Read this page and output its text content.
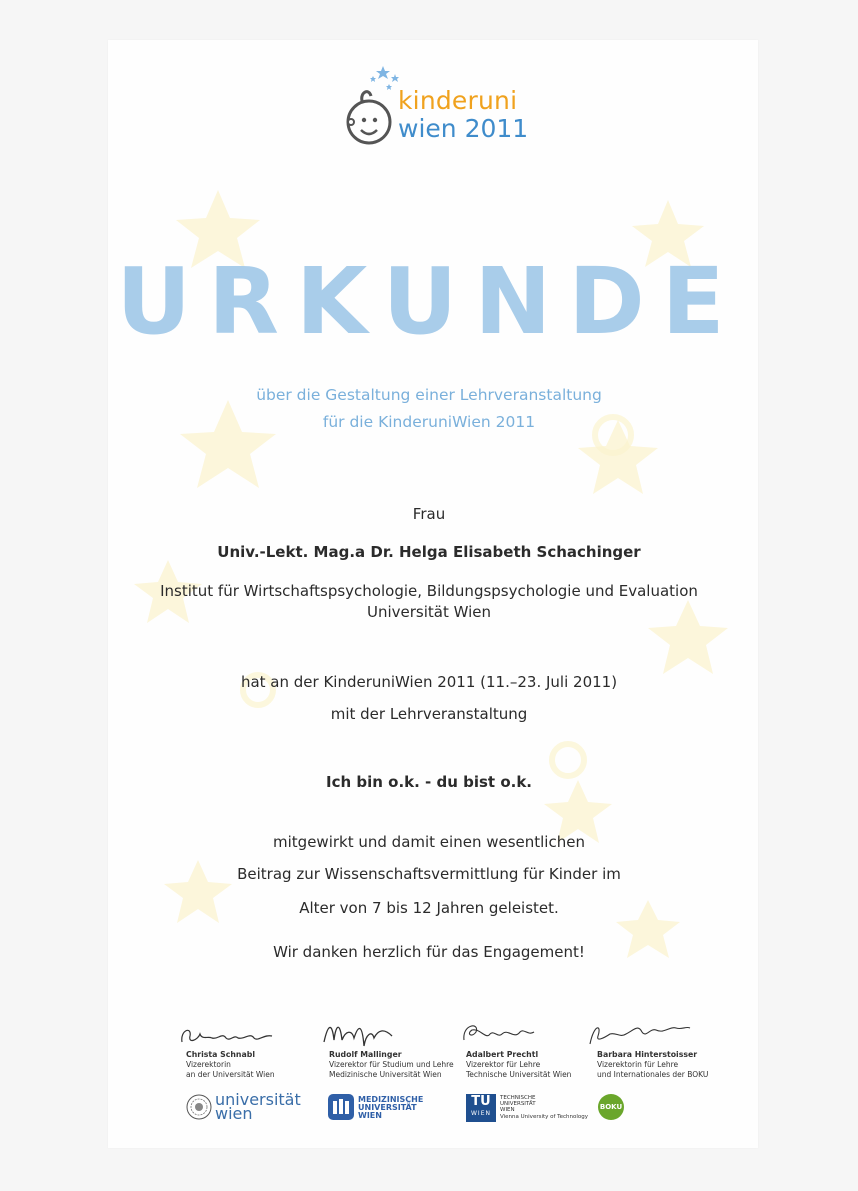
kinderuni
wien 2011
URKUNDE
über die Gestaltung einer Lehrveranstaltung
für die KinderuniWien 2011
Frau
Univ.-Lekt. Mag.a Dr. Helga Elisabeth Schachinger
Institut für Wirtschaftspsychologie, Bildungspsychologie und Evaluation
Universität Wien
hat an der KinderuniWien 2011 (11.–23. Juli 2011)
mit der Lehrveranstaltung
Ich bin o.k. - du bist o.k.
mitgewirkt und damit einen wesentlichen
Beitrag zur Wissenschaftsvermittlung für Kinder im
Alter von 7 bis 12 Jahren geleistet.
Wir danken herzlich für das Engagement!
Christa Schnabl
Vizerektorin
an der Universität Wien
Rudolf Mallinger
Vizerektor für Studium und Lehre
Medizinische Universität Wien
Adalbert Prechtl
Vizerektor für Lehre
Technische Universität Wien
Barbara Hinterstoisser
Vizerektorin für Lehre
und Internationales der BOKU
universität
wien
MEDIZINISCHE
UNIVERSITÄT
WIEN
TU
WIEN
TECHNISCHE
UNIVERSITÄT
WIEN
Vienna University of Technology
BOKU
